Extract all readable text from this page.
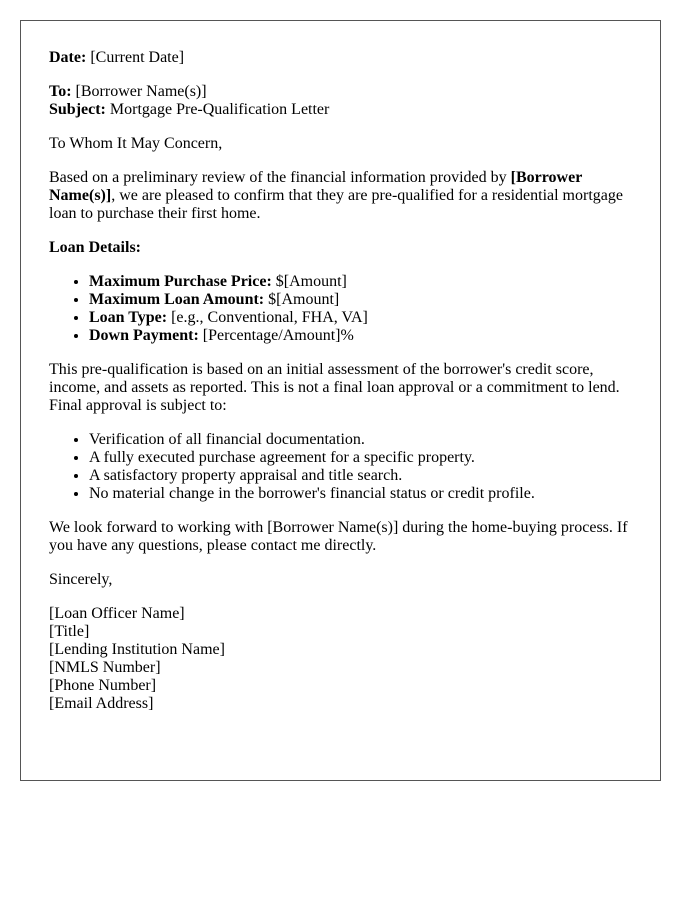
Date: [Current Date]

To: [Borrower Name(s)]
Subject: Mortgage Pre-Qualification Letter

To Whom It May Concern,

Based on a preliminary review of the financial information provided by [Borrower Name(s)], we are pleased to confirm that they are pre-qualified for a residential mortgage loan to purchase their first home.

Loan Details:

• Maximum Purchase Price: $[Amount]
• Maximum Loan Amount: $[Amount]
• Loan Type: [e.g., Conventional, FHA, VA]
• Down Payment: [Percentage/Amount]%

This pre-qualification is based on an initial assessment of the borrower's credit score, income, and assets as reported. This is not a final loan approval or a commitment to lend. Final approval is subject to:

• Verification of all financial documentation.
• A fully executed purchase agreement for a specific property.
• A satisfactory property appraisal and title search.
• No material change in the borrower's financial status or credit profile.

We look forward to working with [Borrower Name(s)] during the home-buying process. If you have any questions, please contact me directly.

Sincerely,

[Loan Officer Name]
[Title]
[Lending Institution Name]
[NMLS Number]
[Phone Number]
[Email Address]
